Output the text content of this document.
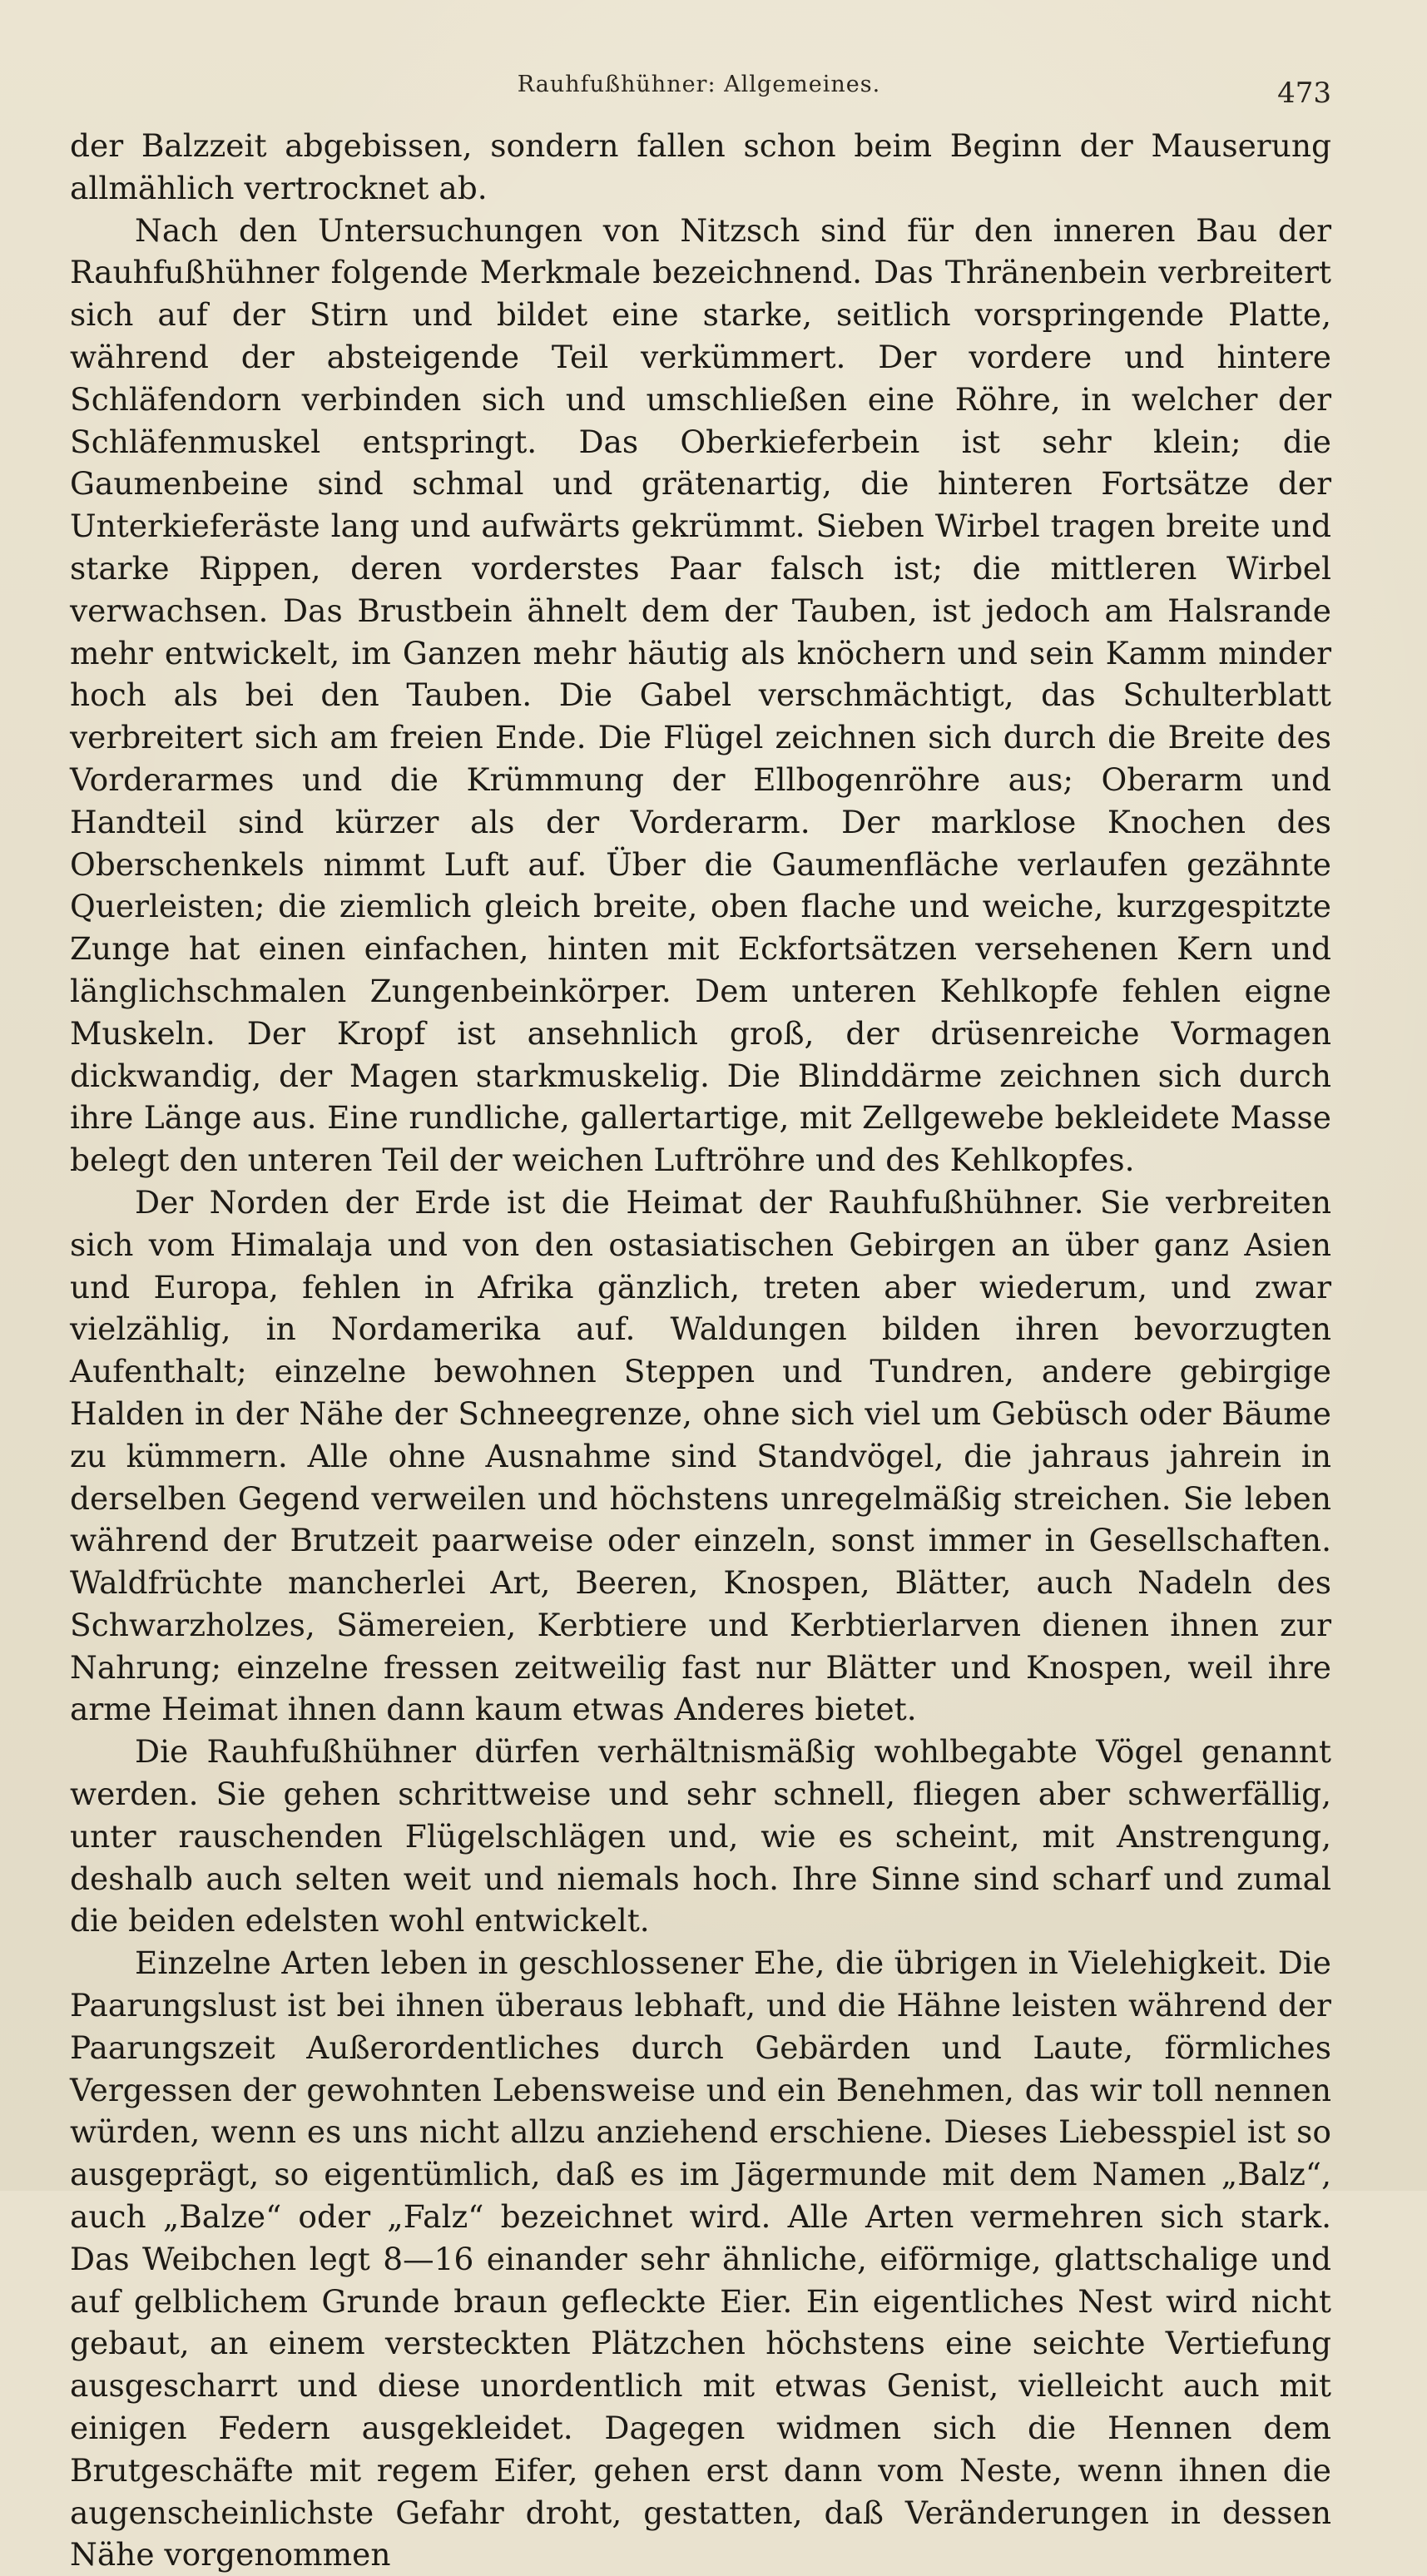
Rauhfußhühner: Allgemeines.	473

der Balzzeit abgebissen, sondern fallen schon beim Beginn der Mauserung allmählich vertrocknet ab.

Nach den Untersuchungen von Nitzsch sind für den inneren Bau der Rauhfußhühner folgende Merkmale bezeichnend. Das Thränenbein verbreitert sich auf der Stirn und bildet eine starke, seitlich vorspringende Platte, während der absteigende Teil verkümmert. Der vordere und hintere Schläfendorn verbinden sich und umschließen eine Röhre, in welcher der Schläfenmuskel entspringt. Das Oberkieferbein ist sehr klein; die Gaumenbeine sind schmal und grätenartig, die hinteren Fortsätze der Unterkieferäste lang und aufwärts gekrümmt. Sieben Wirbel tragen breite und starke Rippen, deren vorderstes Paar falsch ist; die mittleren Wirbel verwachsen. Das Brustbein ähnelt dem der Tauben, ist jedoch am Halsrande mehr entwickelt, im Ganzen mehr häutig als knöchern und sein Kamm minder hoch als bei den Tauben. Die Gabel verschmächtigt, das Schulterblatt verbreitert sich am freien Ende. Die Flügel zeichnen sich durch die Breite des Vorderarmes und die Krümmung der Ellbogenröhre aus; Oberarm und Handteil sind kürzer als der Vorderarm. Der marklose Knochen des Oberschenkels nimmt Luft auf. Über die Gaumenfläche verlaufen gezähnte Querleisten; die ziemlich gleich breite, oben flache und weiche, kurzgespitzte Zunge hat einen einfachen, hinten mit Eckfortsätzen versehenen Kern und länglichschmalen Zungenbeinkörper. Dem unteren Kehlkopfe fehlen eigne Muskeln. Der Kropf ist ansehnlich groß, der drüsenreiche Vormagen dickwandig, der Magen starkmuskelig. Die Blinddärme zeichnen sich durch ihre Länge aus. Eine rundliche, gallertartige, mit Zellgewebe bekleidete Masse belegt den unteren Teil der weichen Luftröhre und des Kehlkopfes.

Der Norden der Erde ist die Heimat der Rauhfußhühner. Sie verbreiten sich vom Himalaja und von den ostasiatischen Gebirgen an über ganz Asien und Europa, fehlen in Afrika gänzlich, treten aber wiederum, und zwar vielzählig, in Nordamerika auf. Waldungen bilden ihren bevorzugten Aufenthalt; einzelne bewohnen Steppen und Tundren, andere gebirgige Halden in der Nähe der Schneegrenze, ohne sich viel um Gebüsch oder Bäume zu kümmern. Alle ohne Ausnahme sind Standvögel, die jahraus jahrein in derselben Gegend verweilen und höchstens unregelmäßig streichen. Sie leben während der Brutzeit paarweise oder einzeln, sonst immer in Gesellschaften. Waldfrüchte mancherlei Art, Beeren, Knospen, Blätter, auch Nadeln des Schwarzholzes, Sämereien, Kerbtiere und Kerbtierlarven dienen ihnen zur Nahrung; einzelne fressen zeitweilig fast nur Blätter und Knospen, weil ihre arme Heimat ihnen dann kaum etwas Anderes bietet.

Die Rauhfußhühner dürfen verhältnismäßig wohlbegabte Vögel genannt werden. Sie gehen schrittweise und sehr schnell, fliegen aber schwerfällig, unter rauschenden Flügelschlägen und, wie es scheint, mit Anstrengung, deshalb auch selten weit und niemals hoch. Ihre Sinne sind scharf und zumal die beiden edelsten wohl entwickelt.

Einzelne Arten leben in geschlossener Ehe, die übrigen in Vielehigkeit. Die Paarungslust ist bei ihnen überaus lebhaft, und die Hähne leisten während der Paarungszeit Außerordentliches durch Gebärden und Laute, förmliches Vergessen der gewohnten Lebensweise und ein Benehmen, das wir toll nennen würden, wenn es uns nicht allzu anziehend erschiene. Dieses Liebesspiel ist so ausgeprägt, so eigentümlich, daß es im Jägermunde mit dem Namen „Balz“, auch „Balze“ oder „Falz“ bezeichnet wird. Alle Arten vermehren sich stark. Das Weibchen legt 8—16 einander sehr ähnliche, eiförmige, glattschalige und auf gelblichem Grunde braun gefleckte Eier. Ein eigentliches Nest wird nicht gebaut, an einem versteckten Plätzchen höchstens eine seichte Vertiefung ausgescharrt und diese unordentlich mit etwas Genist, vielleicht auch mit einigen Federn ausgekleidet. Dagegen widmen sich die Hennen dem Brutgeschäfte mit regem Eifer, gehen erst dann vom Neste, wenn ihnen die augenscheinlichste Gefahr droht, gestatten, daß Veränderungen in dessen Nähe vorgenommen
